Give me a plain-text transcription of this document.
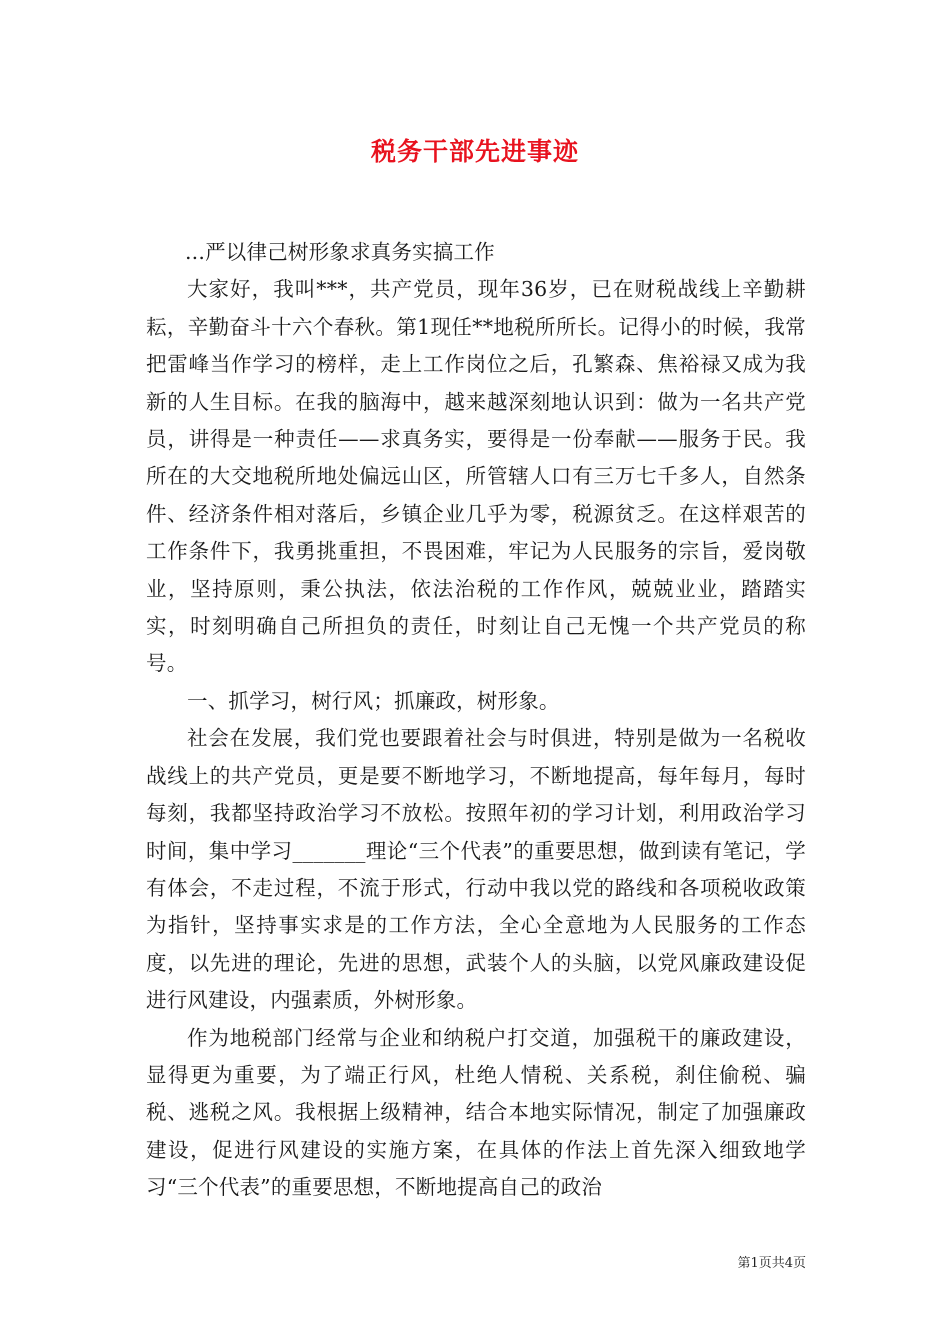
税务干部先进事迹

...严以律己树形象求真务实搞工作

大家好，我叫***，共产党员，现年36岁，已在财税战线上辛勤耕耘，辛勤奋斗十六个春秋。第1现任**地税所所长。记得小的时候，我常把雷峰当作学习的榜样，走上工作岗位之后，孔繁森、焦裕禄又成为我新的人生目标。在我的脑海中，越来越深刻地认识到：做为一名共产党员，讲得是一种责任——求真务实，要得是一份奉献——服务于民。我所在的大交地税所地处偏远山区，所管辖人口有三万七千多人，自然条件、经济条件相对落后，乡镇企业几乎为零，税源贫乏。在这样艰苦的工作条件下，我勇挑重担，不畏困难，牢记为人民服务的宗旨，爱岗敬业，坚持原则，秉公执法，依法治税的工作作风，兢兢业业，踏踏实实，时刻明确自己所担负的责任，时刻让自己无愧一个共产党员的称号。

一、抓学习，树行风；抓廉政，树形象。

社会在发展，我们党也要跟着社会与时俱进，特别是做为一名税收战线上的共产党员，更是要不断地学习，不断地提高，每年每月，每时每刻，我都坚持政治学习不放松。按照年初的学习计划，利用政治学习时间，集中学习_______理论“三个代表”的重要思想，做到读有笔记，学有体会，不走过程，不流于形式，行动中我以党的路线和各项税收政策为指针，坚持事实求是的工作方法，全心全意地为人民服务的工作态度，以先进的理论，先进的思想，武装个人的头脑，以党风廉政建设促进行风建设，内强素质，外树形象。

作为地税部门经常与企业和纳税户打交道，加强税干的廉政建设，显得更为重要，为了端正行风，杜绝人情税、关系税，刹住偷税、骗税、逃税之风。我根据上级精神，结合本地实际情况，制定了加强廉政建设，促进行风建设的实施方案，在具体的作法上首先深入细致地学习“三个代表”的重要思想，不断地提高自己的政治

第1页共4页
